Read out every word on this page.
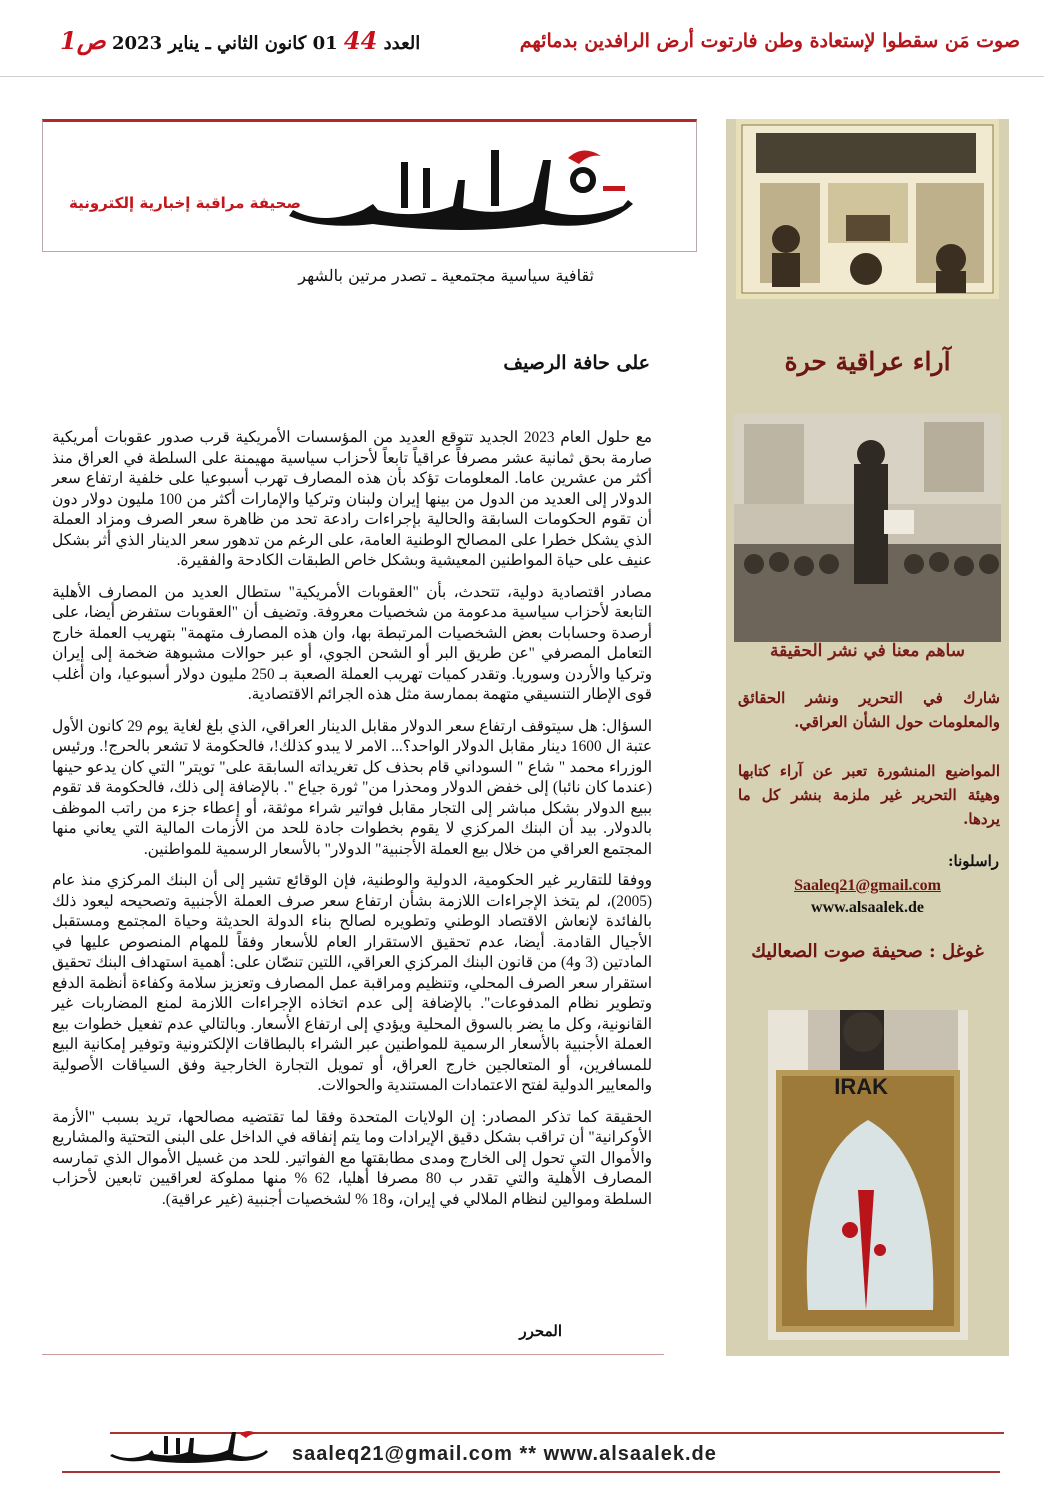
صوت مَن سقطوا لإستعادة وطن فارتوت أرض الرافدين بدمائهم
العدد 44 01 كانون الثاني ـ يناير 2023 ص1
صحيفة مراقبة إخبارية إلكترونية
ثقافية سياسية مجتمعية ـ تصدر مرتين بالشهر
على حافة الرصيف

مع حلول العام 2023 الجديد تتوقع العديد من المؤسسات الأمريكية قرب صدور عقوبات أمريكية صارمة بحق ثمانية عشر مصرفاً عراقياً تابعاً لأحزاب سياسية مهيمنة على السلطة في العراق منذ أكثر من عشرين عاما. المعلومات تؤكد بأن هذه المصارف تهرب أسبوعيا على خلفية ارتفاع سعر الدولار إلى العديد من الدول من بينها إيران ولبنان وتركيا والإمارات أكثر من 100 مليون دولار دون أن تقوم الحكومات السابقة والحالية بإجراءات رادعة تحد من ظاهرة سعر الصرف ومزاد العملة الذي يشكل خطرا على المصالح الوطنية العامة، على الرغم من تدهور سعر الدينار الذي أثر بشكل عنيف على حياة المواطنين المعيشية وبشكل خاص الطبقات الكادحة والفقيرة.

مصادر اقتصادية دولية، تتحدث، بأن "العقوبات الأمريكية" ستطال العديد من المصارف الأهلية التابعة لأحزاب سياسية مدعومة من شخصيات معروفة. وتضيف أن "العقوبات ستفرض أيضا، على أرصدة وحسابات بعض الشخصيات المرتبطة بها، وان هذه المصارف متهمة" بتهريب العملة خارج التعامل المصرفي "عن طريق البر أو الشحن الجوي، أو عبر حوالات مشبوهة ضخمة إلى إيران وتركيا والأردن وسوريا. وتقدر كميات تهريب العملة الصعبة بـ 250 مليون دولار أسبوعيا، وان أغلب قوى الإطار التنسيقي متهمة بممارسة مثل هذه الجرائم الاقتصادية.

السؤال: هل سيتوقف ارتفاع سعر الدولار مقابل الدينار العراقي، الذي بلغ لغاية يوم 29 كانون الأول عتبة ال 1600 دينار مقابل الدولار الواحد؟... الامر لا يبدو كذلك!، فالحكومة لا تشعر بالحرج!. ورئيس الوزراء محمد " شاع " السوداني قام بحذف كل تغريداته السابقة على" تويتر" التي كان يدعو حينها (عندما كان نائبا) إلى خفض الدولار ومحذرا من" ثورة جياع ". بالإضافة إلى ذلك، فالحكومة قد تقوم ببيع الدولار بشكل مباشر إلى التجار مقابل فواتير شراء موثقة، أو إعطاء جزء من راتب الموظف بالدولار. بيد أن البنك المركزي لا يقوم بخطوات جادة للحد من الأزمات المالية التي يعاني منها المجتمع العراقي من خلال بيع العملة الأجنبية" الدولار" بالأسعار الرسمية للمواطنين.

ووفقا للتقارير غير الحكومية، الدولية والوطنية، فإن الوقائع تشير إلى أن البنك المركزي منذ عام (2005)، لم يتخذ الإجراءات اللازمة بشأن ارتفاع سعر صرف العملة الأجنبية وتصحيحه ليعود ذلك بالفائدة لإنعاش الاقتصاد الوطني وتطويره لصالح بناء الدولة الحديثة وحياة المجتمع ومستقبل الأجيال القادمة. أيضا، عدم تحقيق الاستقرار العام للأسعار وفقاً للمهام المنصوص عليها في المادتين (3 و4) من قانون البنك المركزي العراقي، اللتين تنصّان على: أهمية استهداف البنك تحقيق استقرار سعر الصرف المحلي، وتنظيم ومراقبة عمل المصارف وتعزيز سلامة وكفاءة أنظمة الدفع وتطوير نظام المدفوعات". بالإضافة إلى عدم اتخاذه الإجراءات اللازمة لمنع المضاربات غير القانونية، وكل ما يضر بالسوق المحلية ويؤدي إلى ارتفاع الأسعار. وبالتالي عدم تفعيل خطوات بيع العملة الأجنبية بالأسعار الرسمية للمواطنين عبر الشراء بالبطاقات الإلكترونية وتوفير إمكانية البيع للمسافرين، أو المتعالجين خارج العراق، أو تمويل التجارة الخارجية وفق السياقات الأصولية والمعايير الدولية لفتح الاعتمادات المستندية والحوالات.

الحقيقة كما تذكر المصادر: إن الولايات المتحدة وفقا لما تقتضيه مصالحها، تريد بسبب "الأزمة الأوكرانية" أن تراقب بشكل دقيق الإيرادات وما يتم إنفاقه في الداخل على البنى التحتية والمشاريع والأموال التي تحول إلى الخارج ومدى مطابقتها مع الفواتير. للحد من غسيل الأموال الذي تمارسه المصارف الأهلية والتي تقدر ب 80 مصرفا أهليا، 62 % منها مملوكة لعراقيين تابعين لأحزاب السلطة وموالين لنظام الملالي في إيران، و18 % لشخصيات أجنبية (غير عراقية).

المحرر
آراء عراقية حرة
ساهم معنا في نشر الحقيقة
شارك في التحرير ونشر الحقائق والمعلومات حول الشأن العراقي.
المواضيع المنشورة تعبر عن آراء كتابها وهيئة التحرير غير ملزمة بنشر كل ما يردها.
راسلونا:
Saaleq21@gmail.com
www.alsaalek.de
غوغل : صحيفة صوت الصعاليك
IRAK
saaleq21@gmail.com ** www.alsaalek.de
